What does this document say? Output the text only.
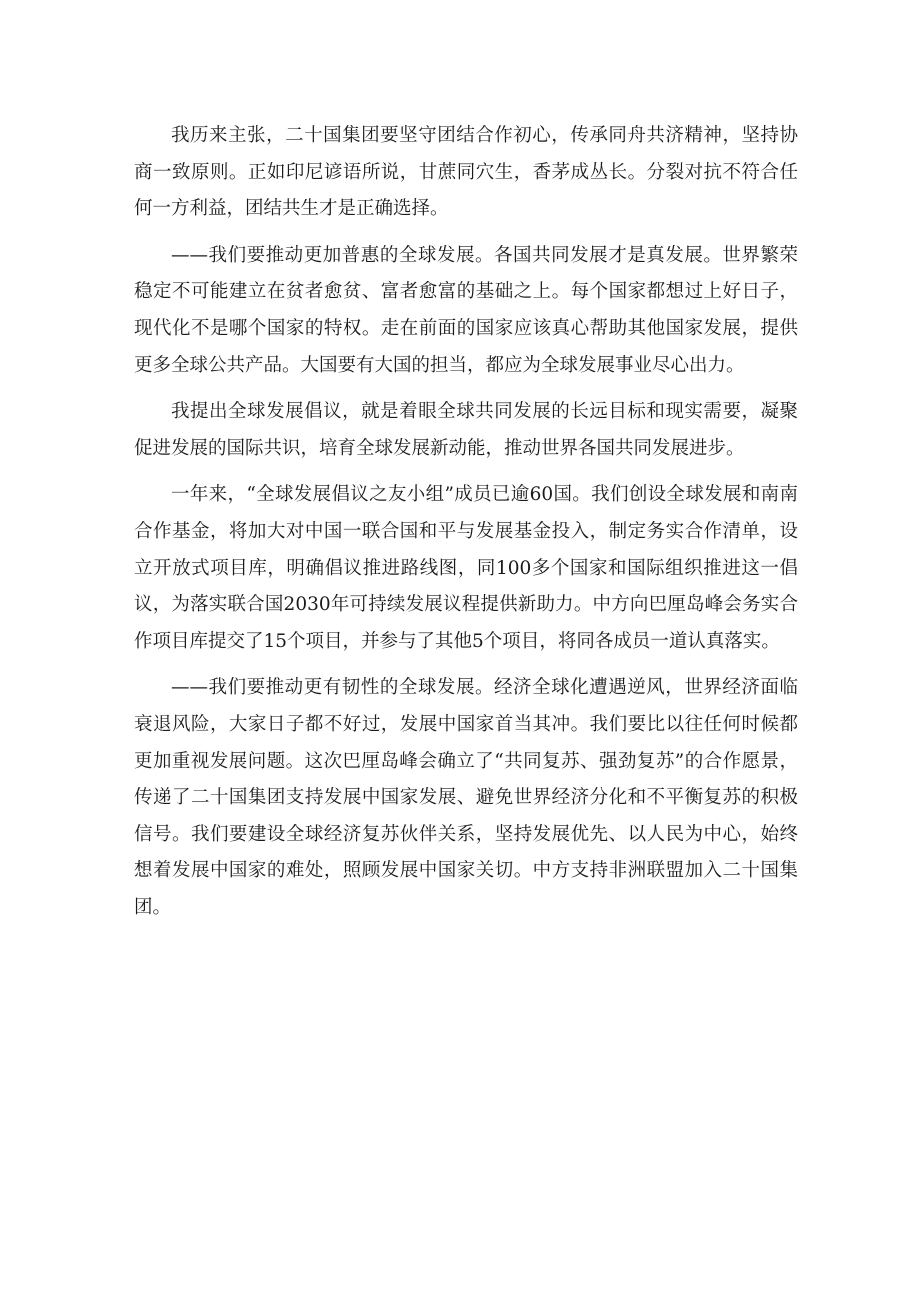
我历来主张，二十国集团要坚守团结合作初心，传承同舟共济精神，坚持协商一致原则。正如印尼谚语所说，甘蔗同穴生，香茅成丛长。分裂对抗不符合任何一方利益，团结共生才是正确选择。

——我们要推动更加普惠的全球发展。各国共同发展才是真发展。世界繁荣稳定不可能建立在贫者愈贫、富者愈富的基础之上。每个国家都想过上好日子，现代化不是哪个国家的特权。走在前面的国家应该真心帮助其他国家发展，提供更多全球公共产品。大国要有大国的担当，都应为全球发展事业尽心出力。

我提出全球发展倡议，就是着眼全球共同发展的长远目标和现实需要，凝聚促进发展的国际共识，培育全球发展新动能，推动世界各国共同发展进步。

一年来，“全球发展倡议之友小组”成员已逾60国。我们创设全球发展和南南合作基金，将加大对中国一联合国和平与发展基金投入，制定务实合作清单，设立开放式项目库，明确倡议推进路线图，同100多个国家和国际组织推进这一倡议，为落实联合国2030年可持续发展议程提供新助力。中方向巴厘岛峰会务实合作项目库提交了15个项目，并参与了其他5个项目，将同各成员一道认真落实。

——我们要推动更有韧性的全球发展。经济全球化遭遇逆风，世界经济面临衰退风险，大家日子都不好过，发展中国家首当其冲。我们要比以往任何时候都更加重视发展问题。这次巴厘岛峰会确立了“共同复苏、强劲复苏”的合作愿景，传递了二十国集团支持发展中国家发展、避免世界经济分化和不平衡复苏的积极信号。我们要建设全球经济复苏伙伴关系，坚持发展优先、以人民为中心，始终想着发展中国家的难处，照顾发展中国家关切。中方支持非洲联盟加入二十国集团。
